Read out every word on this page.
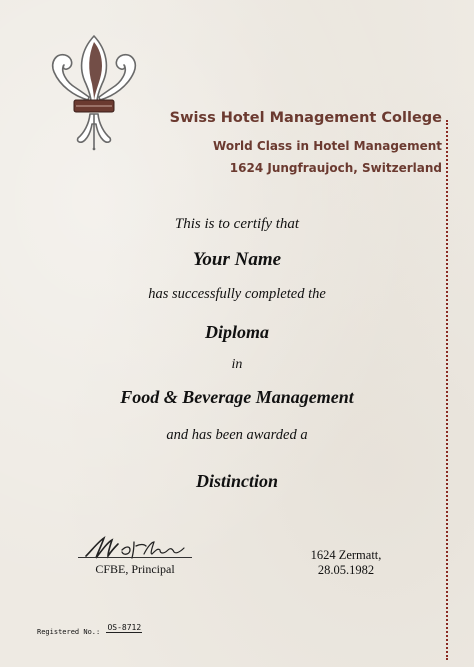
Swiss Hotel Management College
World Class in Hotel Management
1624 Jungfraujoch, Switzerland
This is to certify that
Your Name
has successfully completed the
Diploma
in
Food & Beverage Management
and has been awarded a
Distinction
CFBE, Principal
1624 Zermatt,
28.05.1982
Registered No.: OS-8712
